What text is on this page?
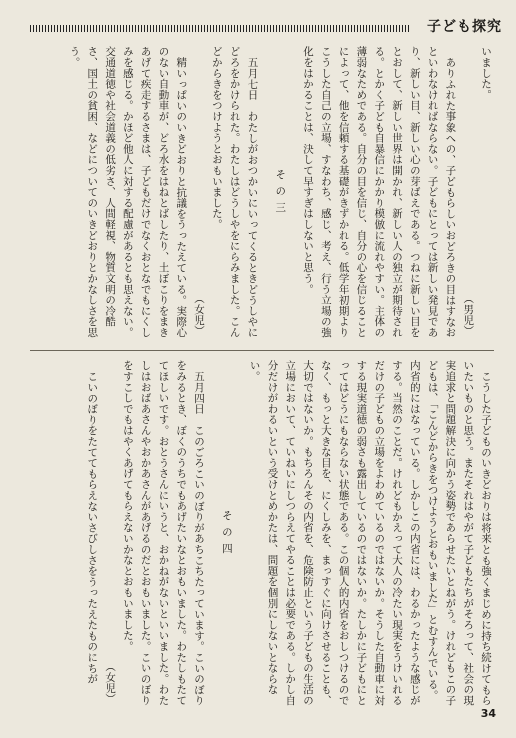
子ども探究

いました。

（男児）

ありふれた事象への、子どもらしいおどろきの目はすなおといわなければならない。子どもにとっては新しい発見であり、新しい目、新しい心の芽ばえである。つねに新しい目をとおして、新しい世界は開かれ、新しい人の独立が期待される。とかく子ども自暴信にかかり模倣に流れやすい。主体の薄弱なためである。自分の目を信じ、自分の心を信じることによって、他を信頼する基礎がきずかれる。低学年初期よりこうした自己の立場、すなわち、感じ、考え、行う立場の強化をはかることは、決して早すぎはしないと思う。

その三

五月七日　わたしがおつかいにいってくるときどうしやにどろをかけられた。わたしはどうしやをにらみました。こんどからきをつけようとおもいました。

（女児）

精いっぱいのいきどおりと抗議をうったえている。実際心のない自動車が、どろ水をはねとばしたり、土ぼこりをまきあげて疾走するさまは、子どもだけでなくおとなでもにくしみを感じる。かほど他人に対する配慮があるとも思えない。交通道徳や社会道義の低劣さ、人間軽視、物質文明の冷酷さ、国土の貧困、などについてのいきどおりとかなしさを思う。

こうした子どものいきどおりは将来とも強くまじめに持ち続けてもらいたいものと思う。またそれはやがて子どもたちがそろって、社会の現実追求と問題解決に向かう姿勢であらせたいとねがう。けれどもこの子どもは、「こんどからきをつけようとおもいました」とむすんでいる。内省的にはなっている。しかしこの内省には、わるかったような感じがする。当然のことだ。けれどもかえって大人の冷たい現実をうけいれるだけの子どもの立場をよわめているのではないか。そうした自動車に対する現実道徳の弱さも露出しているのではないか。たしかに子どもにとってはどうにもならない状態である。この個人的内省をおしつけるのでなく、もっと大きな目を、にくしみを、まっすぐに向けさせることも、大切ではないか。もちろんその内省を、危険防止という子どもの生活の立場において、ていねいにしつらえてやることは必要である。しかし自分だけがわるいという受けとめかたは、問題を個別にしないとならない。

その四

五月四日　このごろこいのぼりがあちこちたっています。こいのぼりをみるとき、ぼくのうちでもあげたいなとおもいました。わたしもたててほしいです。おとうさんにいうと、おかねがないといいました。わたしはおばあさんやおかあさんがあげるのだとおもいました。こいのぼりをすこしでもはやくあげてもらえないかなとおもいました。

（女児）

こいのぼりをたててもらえないさびしさをうったえたものにちが

34
